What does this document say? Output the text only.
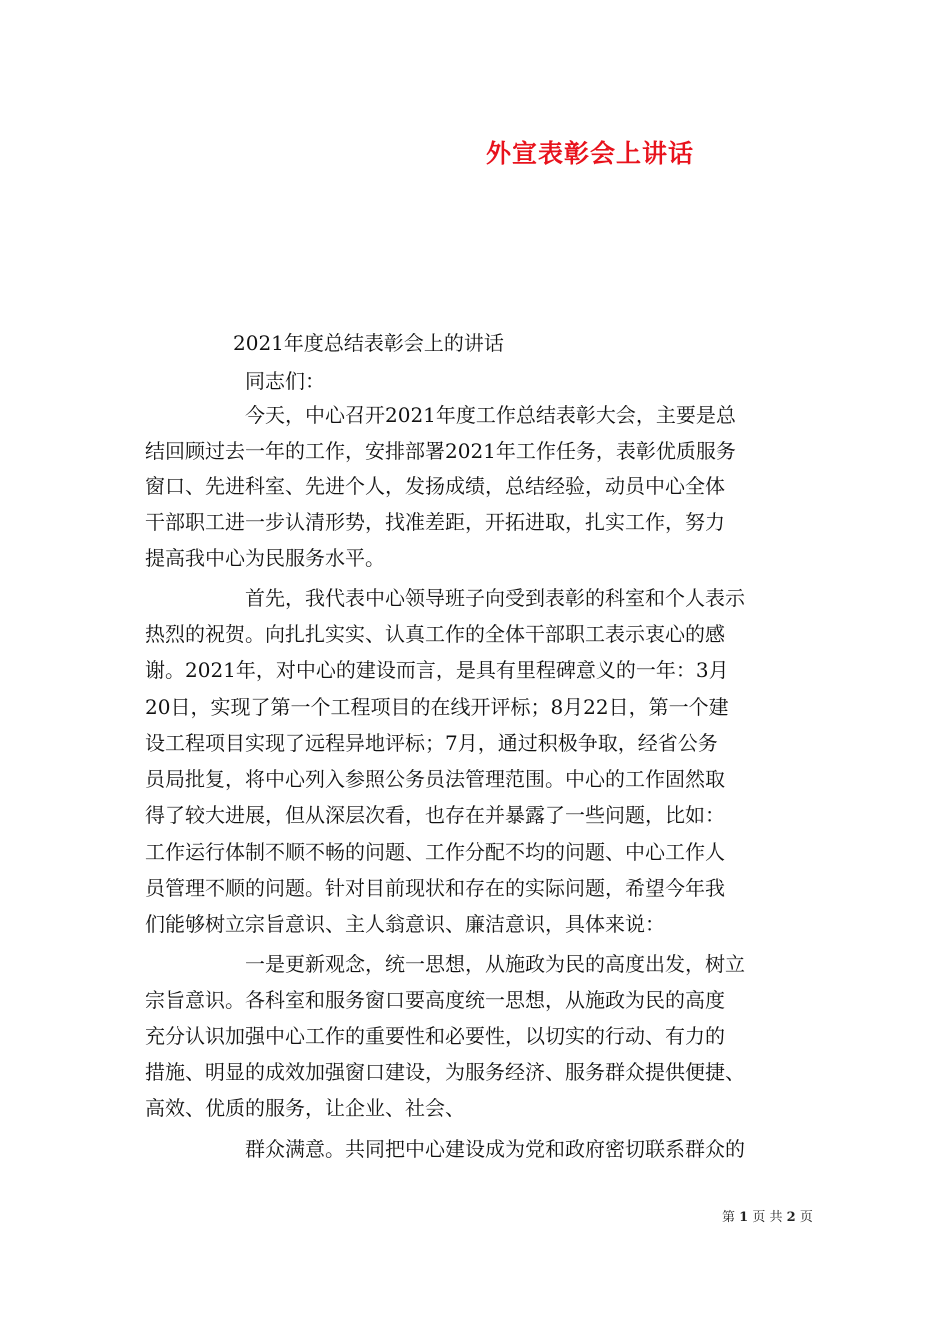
外宣表彰会上讲话
2021年度总结表彰会上的讲话
同志们：
今天，中心召开2021年度工作总结表彰大会，主要是总
结回顾过去一年的工作，安排部署2021年工作任务，表彰优质服务
窗口、先进科室、先进个人，发扬成绩，总结经验，动员中心全体
干部职工进一步认清形势，找准差距，开拓进取，扎实工作，努力
提高我中心为民服务水平。
首先，我代表中心领导班子向受到表彰的科室和个人表示
热烈的祝贺。向扎扎实实、认真工作的全体干部职工表示衷心的感
谢。2021年，对中心的建设而言，是具有里程碑意义的一年：3月
20日，实现了第一个工程项目的在线开评标；8月22日，第一个建
设工程项目实现了远程异地评标；7月，通过积极争取，经省公务
员局批复，将中心列入参照公务员法管理范围。中心的工作固然取
得了较大进展，但从深层次看，也存在并暴露了一些问题，比如：
工作运行体制不顺不畅的问题、工作分配不均的问题、中心工作人
员管理不顺的问题。针对目前现状和存在的实际问题，希望今年我
们能够树立宗旨意识、主人翁意识、廉洁意识，具体来说：
一是更新观念，统一思想，从施政为民的高度出发，树立
宗旨意识。各科室和服务窗口要高度统一思想，从施政为民的高度
充分认识加强中心工作的重要性和必要性，以切实的行动、有力的
措施、明显的成效加强窗口建设，为服务经济、服务群众提供便捷、
高效、优质的服务，让企业、社会、
群众满意。共同把中心建设成为党和政府密切联系群众的
第 1 页 共 2 页
